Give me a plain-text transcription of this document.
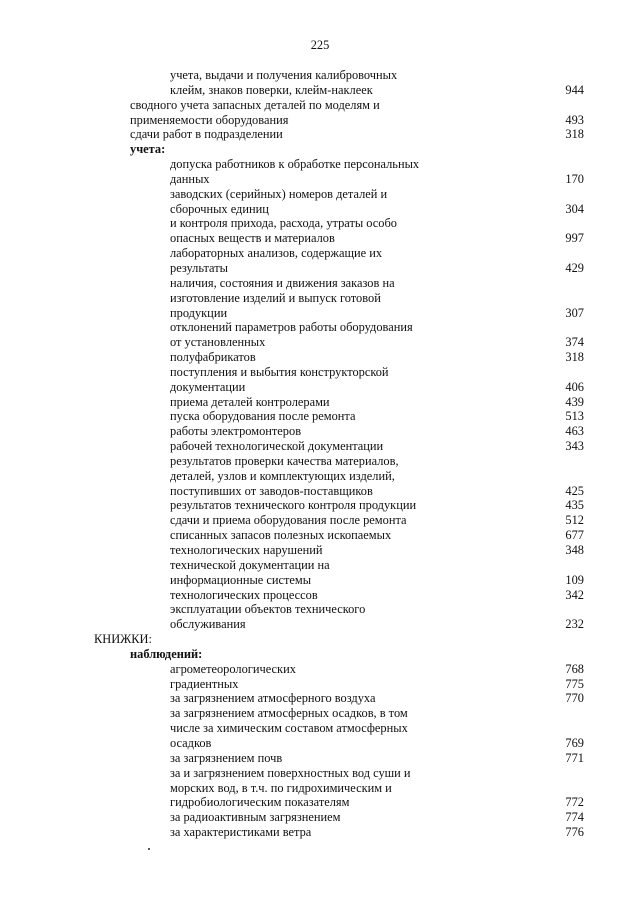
225
учета, выдачи и получения калибровочных
клейм, знаков поверки, клейм-наклеек	944
сводного учета запасных деталей по моделям и
применяемости оборудования	493
сдачи работ в подразделении	318
учета:
допуска работников к обработке персональных
данных	170
заводских (серийных) номеров деталей и
сборочных единиц	304
и контроля прихода, расхода, утраты особо
опасных веществ и материалов	997
лабораторных анализов, содержащие их
результаты	429
наличия, состояния и движения заказов на
изготовление изделий и выпуск готовой
продукции	307
отклонений параметров работы оборудования
от установленных	374
полуфабрикатов	318
поступления и выбытия конструкторской
документации	406
приема деталей контролерами	439
пуска оборудования после ремонта	513
работы электромонтеров	463
рабочей технологической документации	343
результатов проверки качества материалов,
деталей, узлов и комплектующих изделий,
поступивших от заводов-поставщиков	425
результатов технического контроля продукции	435
сдачи и приема оборудования после ремонта	512
списанных запасов полезных ископаемых	677
технологических нарушений	348
технической документации на
информационные системы	109
технологических процессов	342
эксплуатации объектов технического
обслуживания	232
КНИЖКИ:
наблюдений:
агрометеорологических	768
градиентных	775
за загрязнением атмосферного воздуха	770
за загрязнением атмосферных осадков, в том
числе за химическим составом атмосферных
осадков	769
за загрязнением почв	771
за и загрязнением поверхностных вод суши и
морских вод, в т.ч. по гидрохимическим и
гидробиологическим показателям	772
за радиоактивным загрязнением	774
за характеристиками ветра	776
